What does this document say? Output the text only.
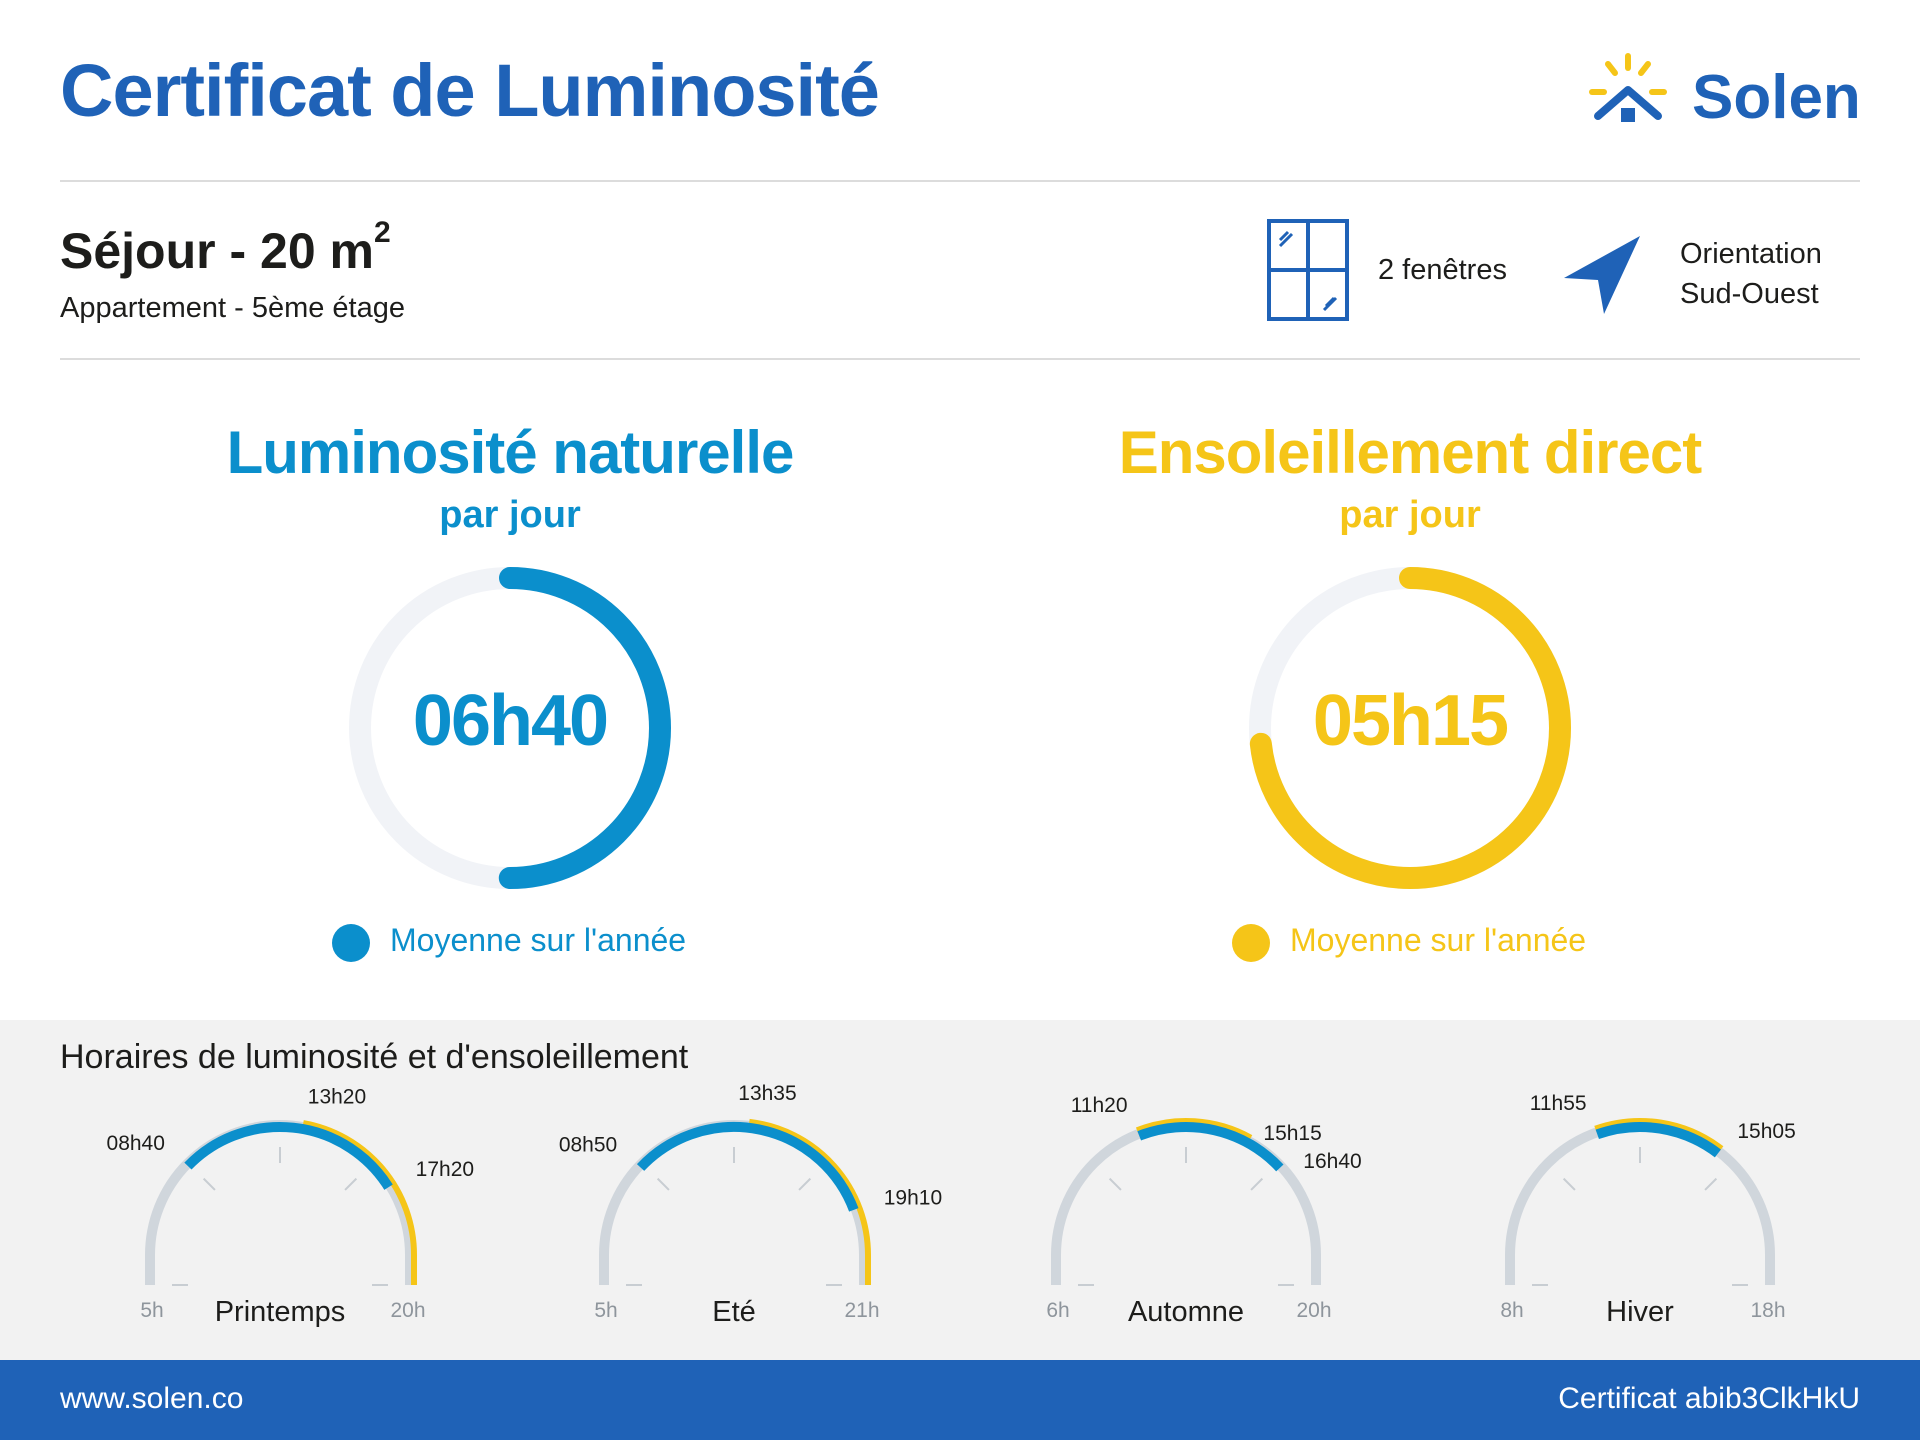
Certificat de Luminosité	Solen
Séjour - 20 $m^2$
Appartement - 5ème étage
2 fenêtres	Orientation
Sud-Ouest
Luminosité naturelle
par jour
06h40
Moyenne sur l'année
Ensoleillement direct
par jour
05h15
Moyenne sur l'année
Horaires de luminosité et d'ensoleillement
08h40
13h20
17h20
5h	20h
Printemps
08h50
13h35
19h10
5h	21h
Eté
11h20
15h15
16h40
6h	20h
Automne
11h55
15h05
8h	18h
Hiver
www.solen.co	Certificat abib3ClkHkU
